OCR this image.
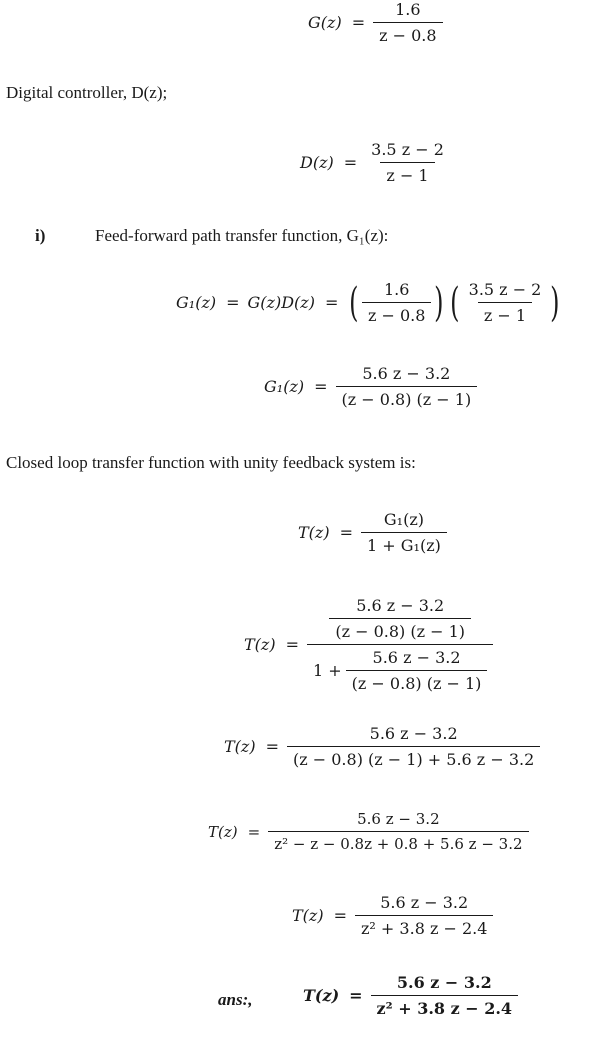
$G(z) = \frac{1.6}{z - 0.8}$
Digital controller, D(z);
$D(z) = \frac{3.5 z - 2}{z - 1}$
i)	Feed-forward path transfer function, G₁(z):
G₁(z) = G(z)D(z) = ( $\frac{1.6}{z - 0.8}$ ) ( $\frac{3.5 z - 2}{z - 1}$ )
$G_1(z) = \frac{5.6 z - 3.2}{(z - 0.8) (z - 1)}$
Closed loop transfer function with unity feedback system is:
$T(z) = \frac{\text{G₁(z)}}{\text{1 + G₁(z)}}$
$T(z) = \frac{\frac{5.6 z - 3.2}{(z - 0.8) (z - 1)}}{1 + \frac{5.6 z - 3.2}{(z - 0.8) (z - 1)}}$
$T(z) = \frac{5.6 z - 3.2}{(z - 0.8) (z - 1) + 5.6 z - 3.2}$
$T(z) = \frac{5.6 z - 3.2}{\text{z² − z − 0.8z + 0.8 + 5.6 z − 3.2}}$
$T(z) = \frac{5.6 z - 3.2}{\text{z² + 3.8 z − 2.4}}$
ans:,	$T(z) = \frac{5.6 z - 3.2}{\text{z² + 3.8 z − 2.4}}$
